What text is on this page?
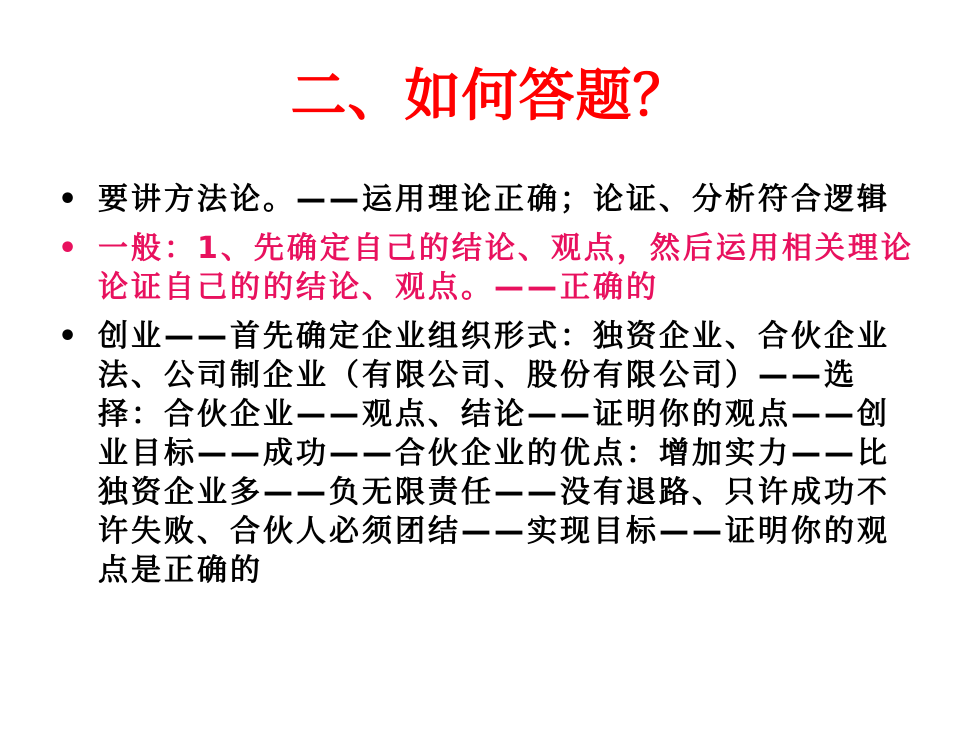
二、如何答题？
• 要讲方法论。——运用理论正确；论证、分析符合逻辑
• 一般：1、先确定自己的结论、观点，然后运用相关理论论证自己的的结论、观点。——正确的
• 创业——首先确定企业组织形式：独资企业、合伙企业法、公司制企业（有限公司、股份有限公司）——选择：合伙企业——观点、结论——证明你的观点——创业目标——成功——合伙企业的优点：增加实力——比独资企业多——负无限责任——没有退路、只许成功不许失败、合伙人必须团结——实现目标——证明你的观点是正确的
